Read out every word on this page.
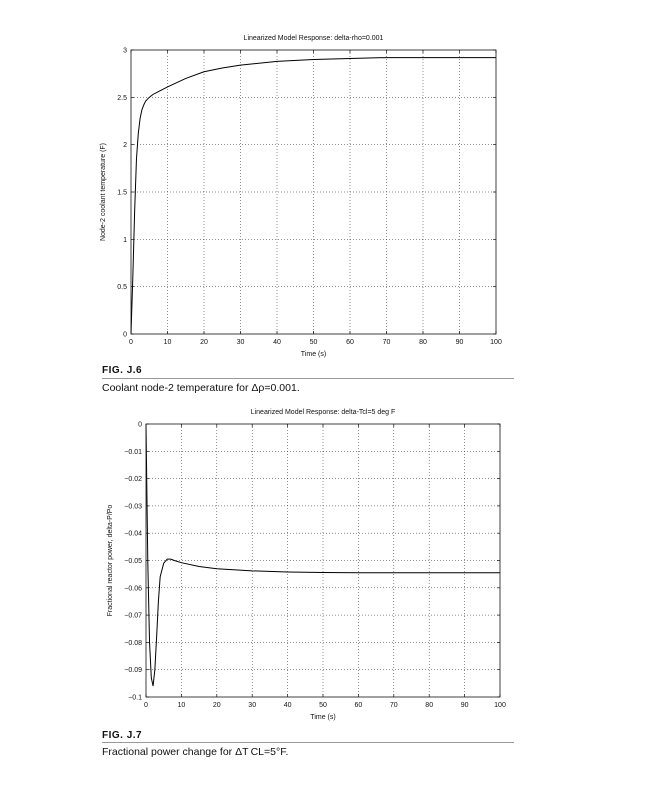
0	10	20	30	40	50	60	70	80	90	100
0
0.5
1
1.5
2
2.5
3
Linearized Model Response: delta-rho=0.001
Time (s)
Node-2 coolant temperature (F)
FIG. J.6
Coolant node-2 temperature for Δρ=0.001.
0	10	20	30	40	50	60	70	80	90	100
0
−0.01
−0.02
−0.03
−0.04
−0.05
−0.06
−0.07
−0.08
−0.09
−0.1
Linearized Model Response: delta-Tcl=5 deg F
Time (s)
Fractional reactor power, delta-P/Po
FIG. J.7
Fractional power change for ΔT CL=5°F.
